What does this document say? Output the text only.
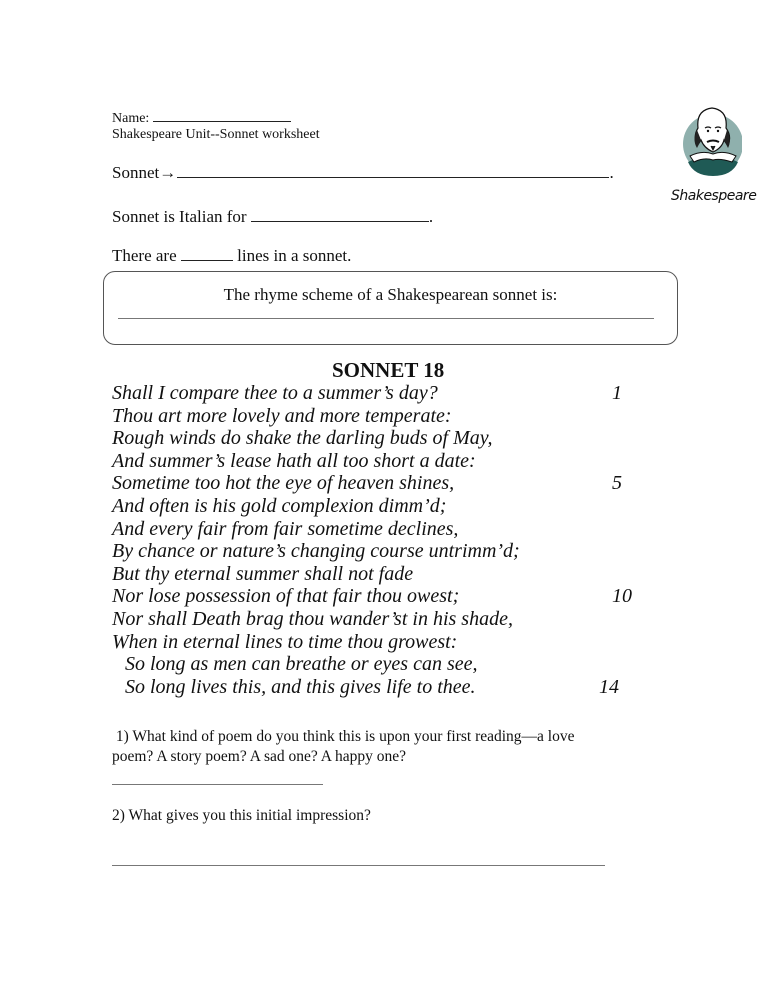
Name:
Shakespeare Unit--Sonnet worksheet
Shakespeare
Sonnet→	.
Sonnet is Italian for	.
There are	lines in a sonnet.
The rhyme scheme of a Shakespearean sonnet is:
SONNET 18
Shall I compare thee to a summer’s day?	1
Thou art more lovely and more temperate:
Rough winds do shake the darling buds of May,
And summer’s lease hath all too short a date:
Sometime too hot the eye of heaven shines,	5
And often is his gold complexion dimm’d;
And every fair from fair sometime declines,
By chance or nature’s changing course untrimm’d;
But thy eternal summer shall not fade
Nor lose possession of that fair thou owest;	10
Nor shall Death brag thou wander’st in his shade,
When in eternal lines to time thou growest:
So long as men can breathe or eyes can see,
So long lives this, and this gives life to thee.	14
1) What kind of poem do you think this is upon your first reading—a love
poem? A story poem? A sad one? A happy one?
2) What gives you this initial impression?
